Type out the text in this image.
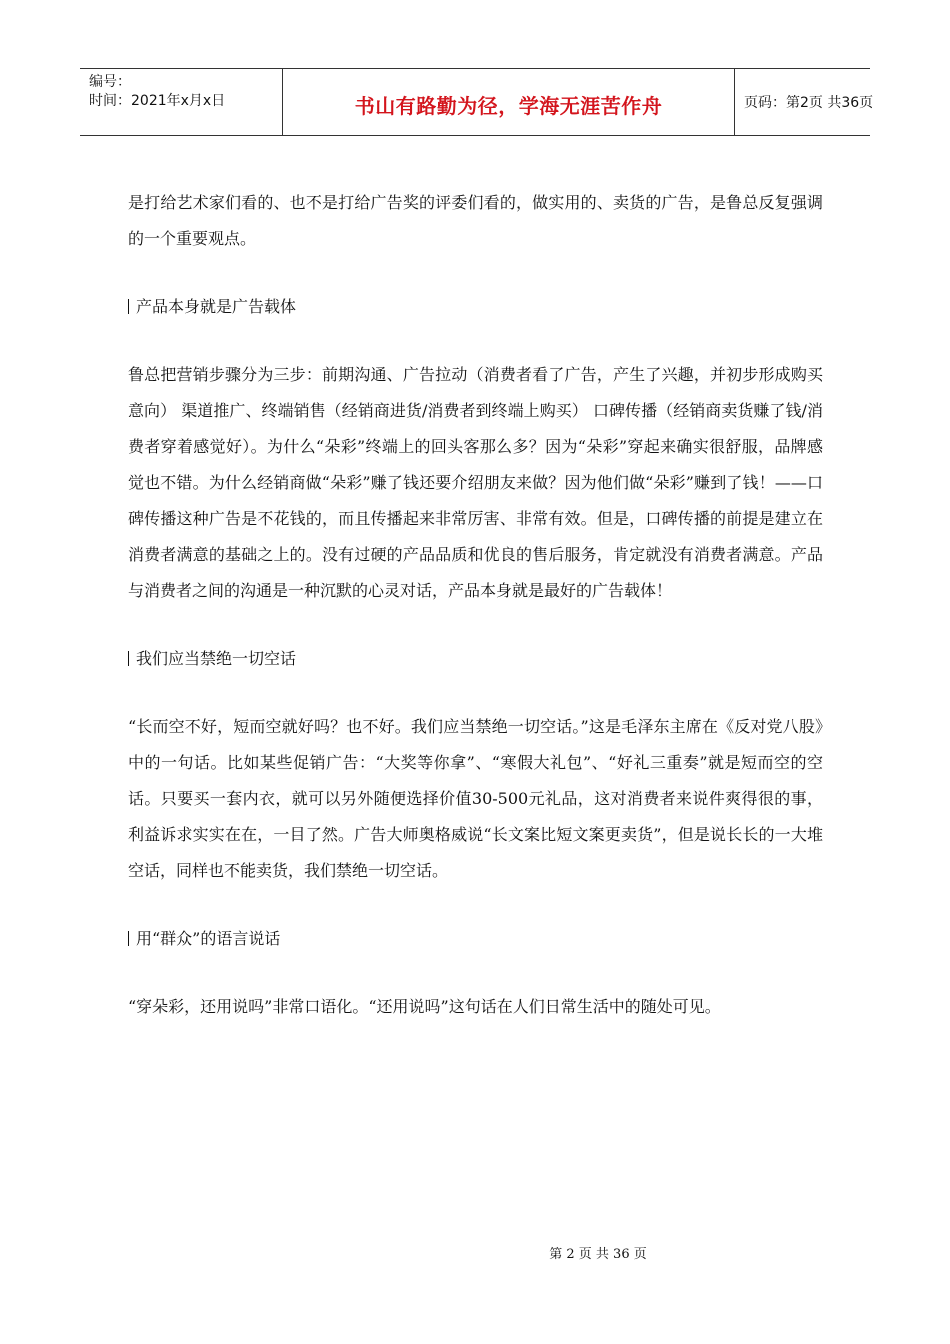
编号：
时间：2021年x月x日	书山有路勤为径，学海无涯苦作舟	页码：第2页 共36页

是打给艺术家们看的、也不是打给广告奖的评委们看的，做实用的、卖货的广告，是鲁总反复强调的一个重要观点。

产品本身就是广告载体

鲁总把营销步骤分为三步：前期沟通、广告拉动（消费者看了广告，产生了兴趣，并初步形成购买意向） 渠道推广、终端销售（经销商进货/消费者到终端上购买） 口碑传播（经销商卖货赚了钱/消费者穿着感觉好）。为什么“朵彩”终端上的回头客那么多？因为“朵彩”穿起来确实很舒服，品牌感觉也不错。为什么经销商做“朵彩”赚了钱还要介绍朋友来做？因为他们做“朵彩”赚到了钱！——口碑传播这种广告是不花钱的，而且传播起来非常厉害、非常有效。但是，口碑传播的前提是建立在消费者满意的基础之上的。没有过硬的产品品质和优良的售后服务，肯定就没有消费者满意。产品与消费者之间的沟通是一种沉默的心灵对话，产品本身就是最好的广告载体！

我们应当禁绝一切空话

“长而空不好，短而空就好吗？也不好。我们应当禁绝一切空话。”这是毛泽东主席在《反对党八股》中的一句话。比如某些促销广告：“大奖等你拿”、“寒假大礼包”、“好礼三重奏”就是短而空的空话。只要买一套内衣，就可以另外随便选择价值30-500元礼品，这对消费者来说件爽得很的事，利益诉求实实在在，一目了然。广告大师奥格威说“长文案比短文案更卖货”，但是说长长的一大堆空话，同样也不能卖货，我们禁绝一切空话。

用“群众”的语言说话

“穿朵彩，还用说吗”非常口语化。“还用说吗”这句话在人们日常生活中的随处可见。

第 2 页 共 36 页
